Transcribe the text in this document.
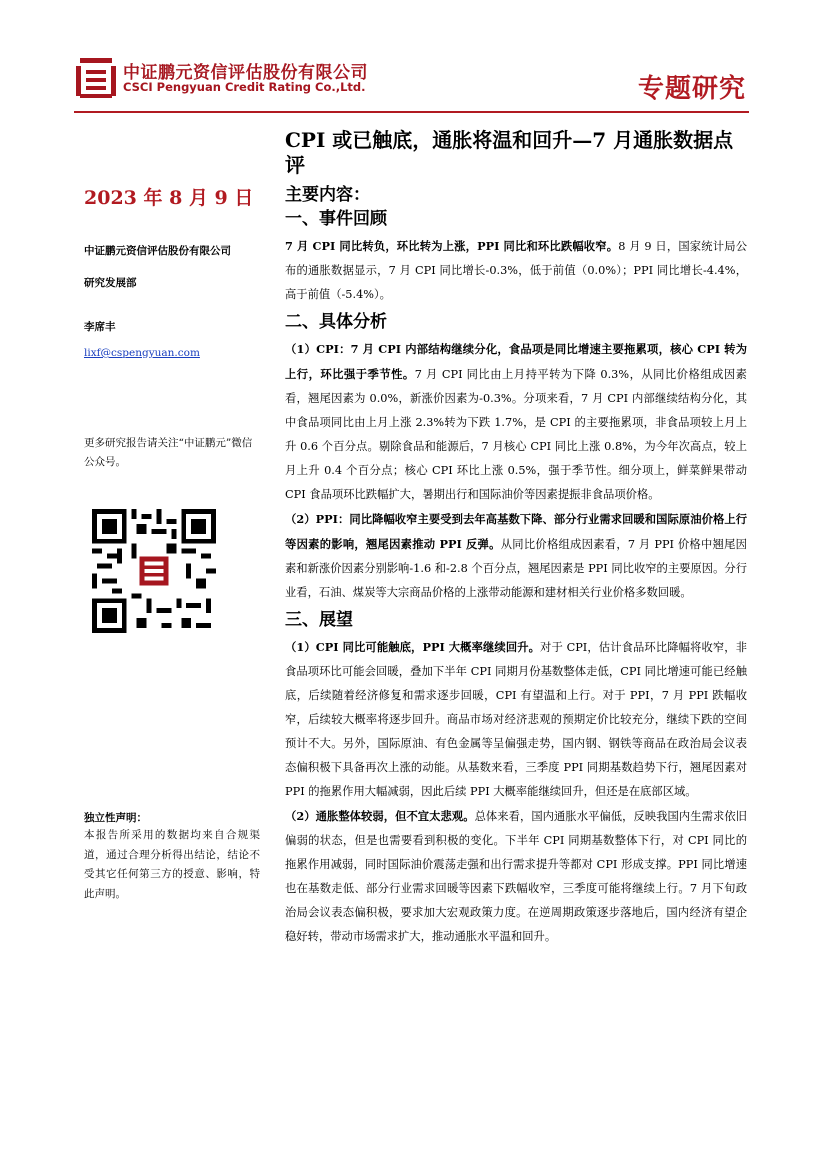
中证鹏元资信评估股份有限公司
CSCI Pengyuan Credit Rating Co.,Ltd.	专题研究
2023 年 8 月 9 日
中证鹏元资信评估股份有限公司
研究发展部
李席丰
lixf@cspengyuan.com
更多研究报告请关注“中证鹏元”微信公众号。
独立性声明：
本报告所采用的数据均来自合规渠道，通过合理分析得出结论，结论不受其它任何第三方的授意、影响，特此声明。
CPI 或已触底，通胀将温和回升—7 月通胀数据点评
主要内容：
一、事件回顾

7 月 CPI 同比转负，环比转为上涨，PPI 同比和环比跌幅收窄。8 月 9 日，国家统计局公布的通胀数据显示，7 月 CPI 同比增长-0.3%，低于前值（0.0%）；PPI 同比增长-4.4%，高于前值（-5.4%）。

二、具体分析

（1）CPI：7 月 CPI 内部结构继续分化，食品项是同比增速主要拖累项，核心 CPI 转为上行，环比强于季节性。7 月 CPI 同比由上月持平转为下降 0.3%，从同比价格组成因素看，翘尾因素为 0.0%，新涨价因素为-0.3%。分项来看，7 月 CPI 内部继续结构分化，其中食品项同比由上月上涨 2.3%转为下跌 1.7%，是 CPI 的主要拖累项，非食品项较上月上升 0.6 个百分点。剔除食品和能源后，7 月核心 CPI 同比上涨 0.8%，为今年次高点，较上月上升 0.4 个百分点；核心 CPI 环比上涨 0.5%，强于季节性。细分项上，鲜菜鲜果带动 CPI 食品项环比跌幅扩大，暑期出行和国际油价等因素提振非食品项价格。

（2）PPI：同比降幅收窄主要受到去年高基数下降、部分行业需求回暖和国际原油价格上行等因素的影响，翘尾因素推动 PPI 反弹。从同比价格组成因素看，7 月 PPI 价格中翘尾因素和新涨价因素分别影响-1.6 和-2.8 个百分点，翘尾因素是 PPI 同比收窄的主要原因。分行业看，石油、煤炭等大宗商品价格的上涨带动能源和建材相关行业价格多数回暖。

三、展望

（1）CPI 同比可能触底，PPI 大概率继续回升。对于 CPI，估计食品环比降幅将收窄，非食品项环比可能会回暖，叠加下半年 CPI 同期月份基数整体走低，CPI 同比增速可能已经触底，后续随着经济修复和需求逐步回暖，CPI 有望温和上行。对于 PPI，7 月 PPI 跌幅收窄，后续较大概率将逐步回升。商品市场对经济悲观的预期定价比较充分，继续下跌的空间预计不大。另外，国际原油、有色金属等呈偏强走势，国内钢、钢铁等商品在政治局会议表态偏积极下具备再次上涨的动能。从基数来看，三季度 PPI 同期基数趋势下行，翘尾因素对 PPI 的拖累作用大幅减弱，因此后续 PPI 大概率能继续回升，但还是在底部区域。

（2）通胀整体较弱，但不宜太悲观。总体来看，国内通胀水平偏低，反映我国内生需求依旧偏弱的状态，但是也需要看到积极的变化。下半年 CPI 同期基数整体下行，对 CPI 同比的拖累作用减弱，同时国际油价震荡走强和出行需求提升等都对 CPI 形成支撑。PPI 同比增速也在基数走低、部分行业需求回暖等因素下跌幅收窄，三季度可能将继续上行。7 月下旬政治局会议表态偏积极，要求加大宏观政策力度。在逆周期政策逐步落地后，国内经济有望企稳好转，带动市场需求扩大，推动通胀水平温和回升。
